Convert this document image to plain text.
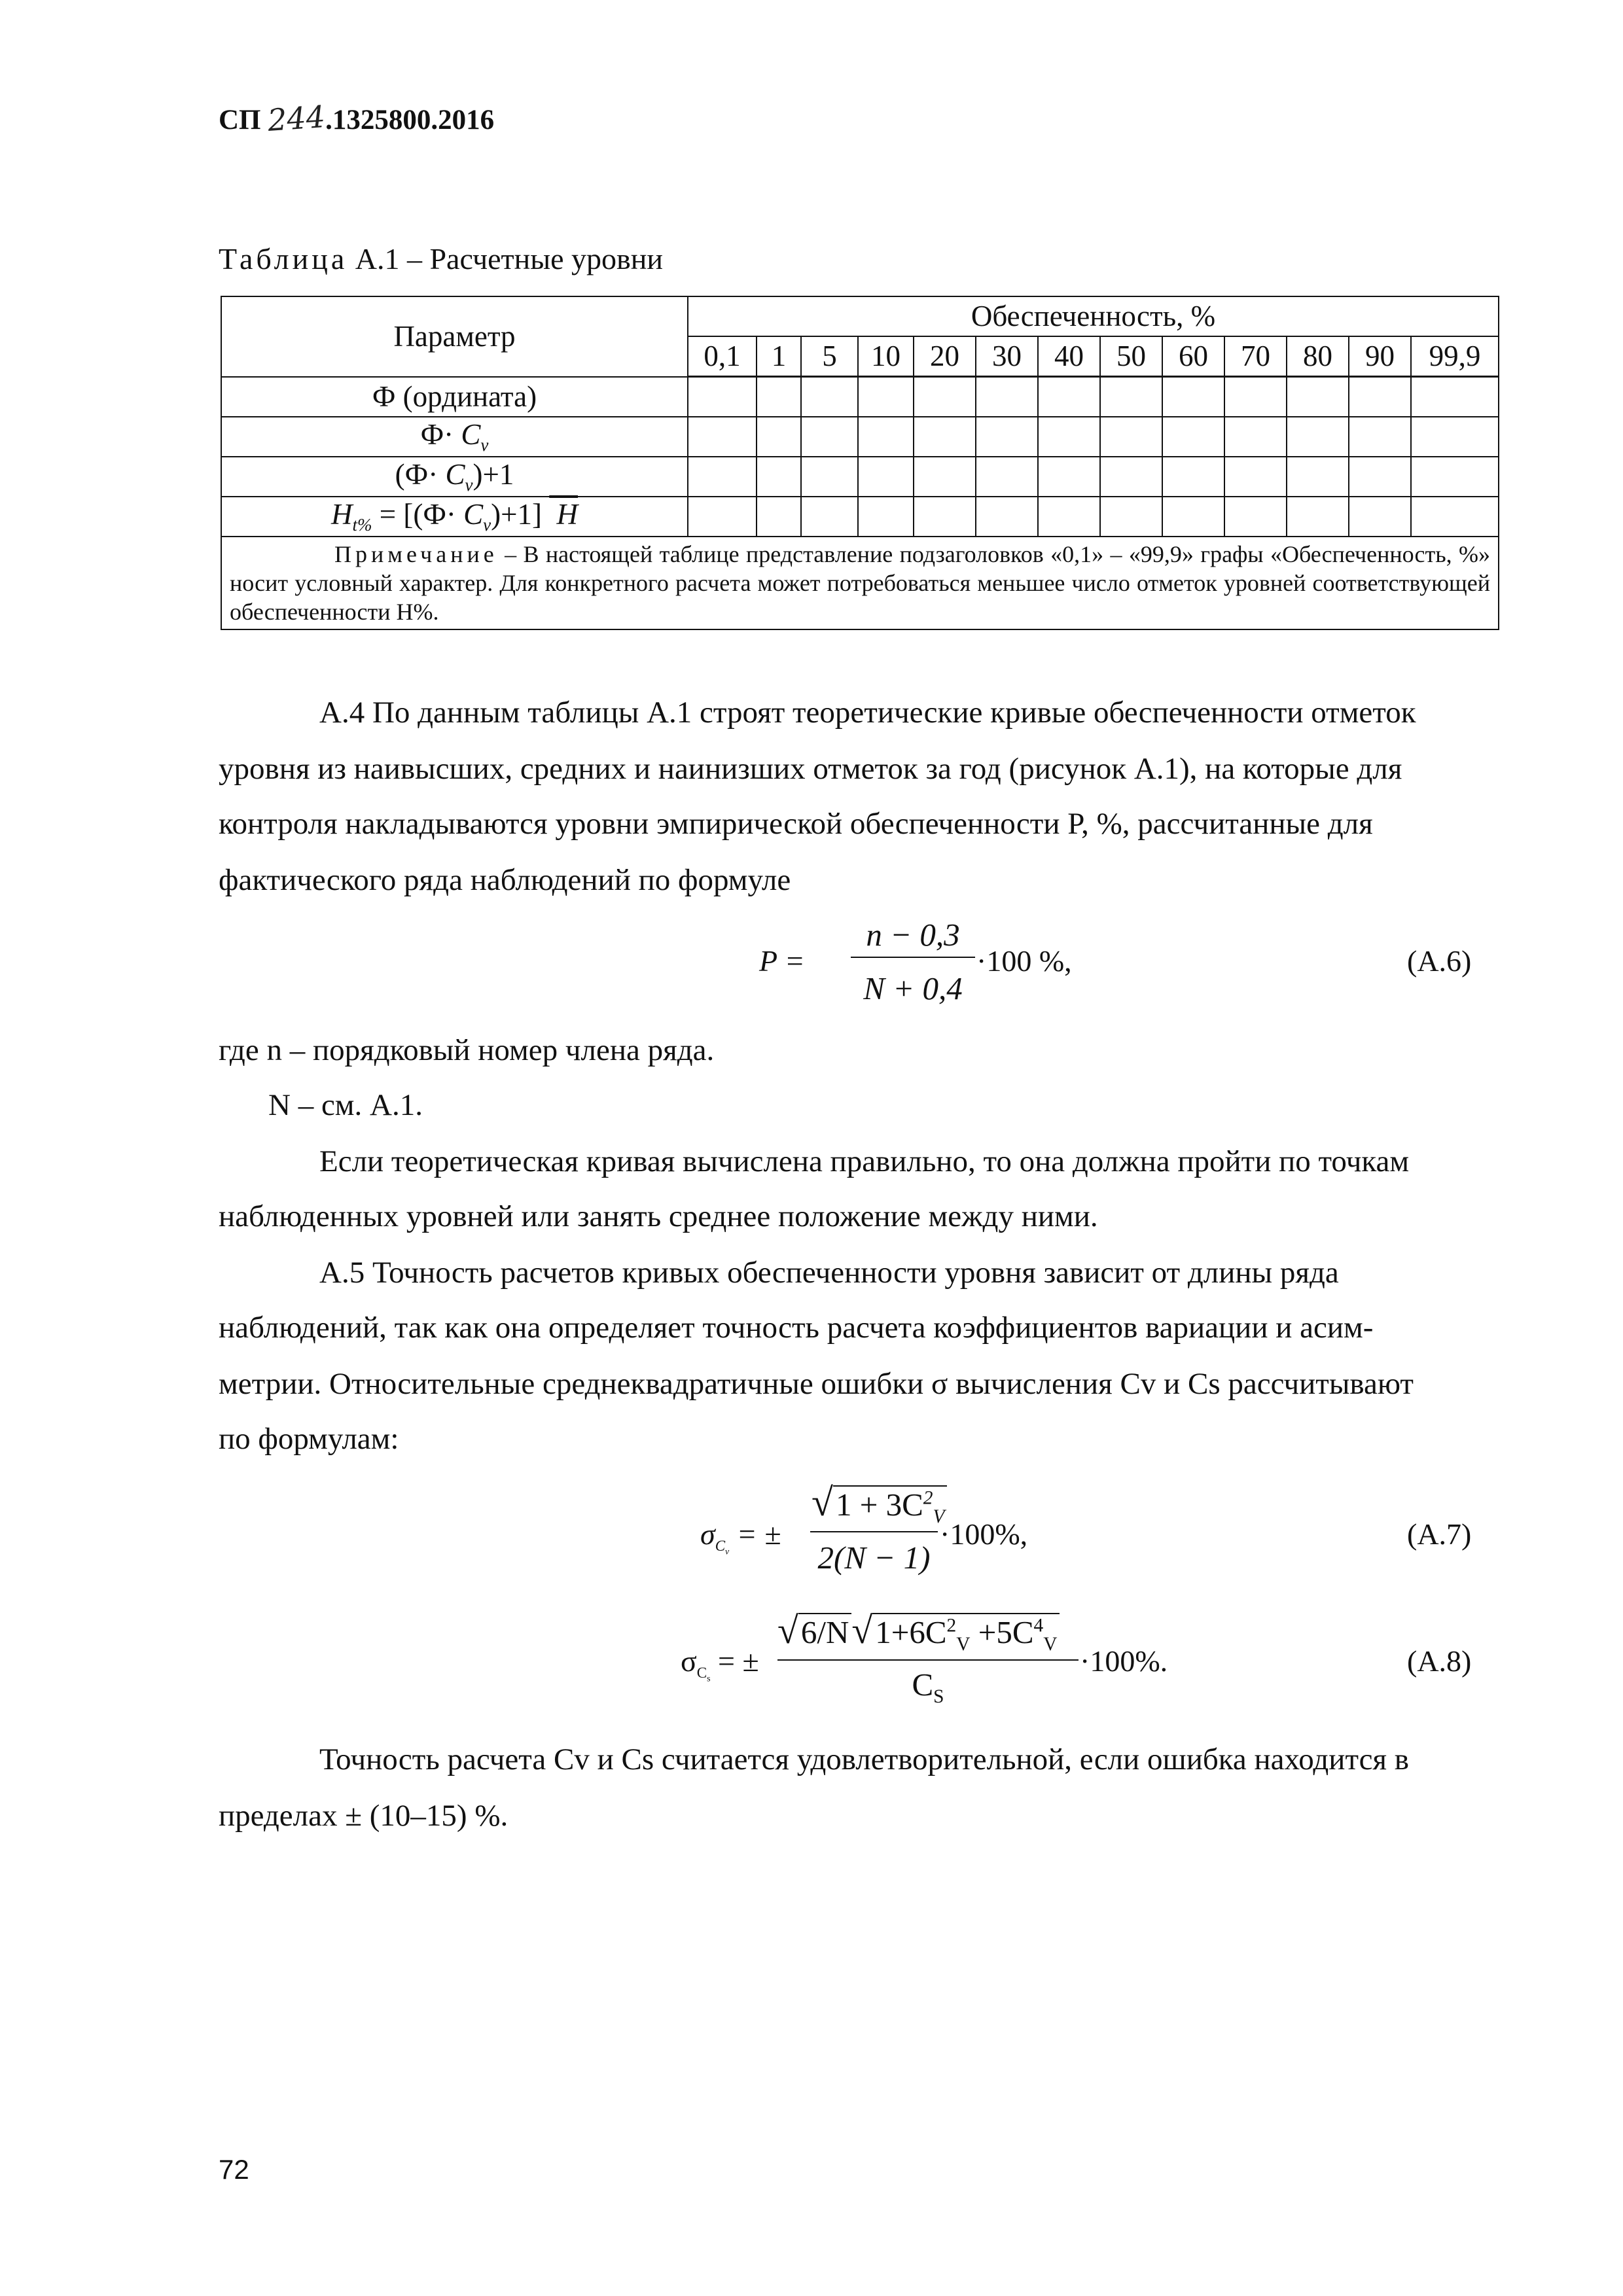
СП 244.1325800.2016
Таблица А.1 – Расчетные уровни
Параметр	Обеспеченность, %												
	0,1	1	5	10	20	30	40	50	60	70	80	90	99,9
Ф (ордината)													
$Ф\cdot C_v$													
$(Ф\cdot C_v)+1$													
$H_{t\%} = [(Ф\cdot C_v)+1]$  H													
Примечание – В настоящей таблице представление подзаголовков «0,1» – «99,9» графы «Обеспеченность, %» носит условный характер. Для конкретного расчета может потребоваться меньшее число отметок уровней соответствующей обеспеченности H%.													
А.4 По данным таблицы А.1 строят теоретические кривые обеспеченности отметок
уровня из наивысших, средних и наинизших отметок за год (рисунок А.1), на которые для
контроля накладываются уровни эмпирической обеспеченности P, %, рассчитанные для
фактического ряда наблюдений по формуле
P =
n − 0,3
N + 0,4
·100 %,	(А.6)
где n – порядковый номер члена ряда.
N – см. А.1.
Если теоретическая кривая вычислена правильно, то она должна пройти по точкам
наблюденных уровней или занять среднее положение между ними.
А.5 Точность расчетов кривых обеспеченности уровня зависит от длины ряда
наблюдений, так как она определяет точность расчета коэффициентов вариации и асим-
метрии. Относительные среднеквадратичные ошибки σ вычисления Cv и Cs рассчитывают
по формулам:
$\sigma_{C_v}$ = ±
$√1 + 3C^2_V$
2(N − 1)
·100%,	(А.7)
$\sigma_{C_s}$ = ±
$√6/N√1+6C^2_V +5C^4_V$
$C_S$
·100%.	(А.8)
Точность расчета Cv и Cs считается удовлетворительной, если ошибка находится в
пределах ± (10–15) %.
72
